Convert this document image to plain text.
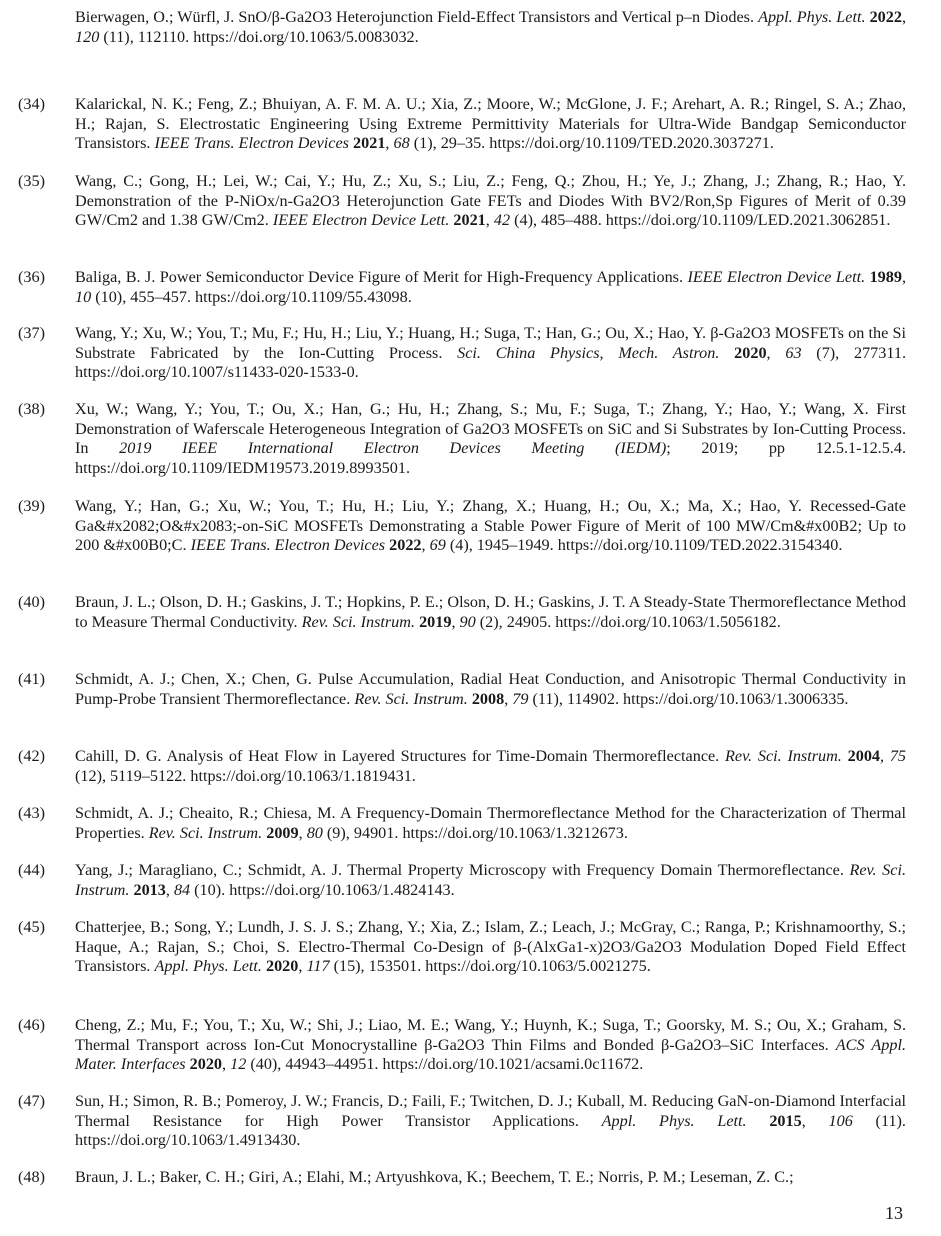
Bierwagen, O.; Würfl, J. SnO/β-Ga2O3 Heterojunction Field-Effect Transistors and Vertical p–n Diodes. Appl. Phys. Lett. 2022, 120 (11), 112110. https://doi.org/10.1063/5.0083032.
(34) Kalarickal, N. K.; Feng, Z.; Bhuiyan, A. F. M. A. U.; Xia, Z.; Moore, W.; McGlone, J. F.; Arehart, A. R.; Ringel, S. A.; Zhao, H.; Rajan, S. Electrostatic Engineering Using Extreme Permittivity Materials for Ultra-Wide Bandgap Semiconductor Transistors. IEEE Trans. Electron Devices 2021, 68 (1), 29–35. https://doi.org/10.1109/TED.2020.3037271.
(35) Wang, C.; Gong, H.; Lei, W.; Cai, Y.; Hu, Z.; Xu, S.; Liu, Z.; Feng, Q.; Zhou, H.; Ye, J.; Zhang, J.; Zhang, R.; Hao, Y. Demonstration of the P-NiOx/n-Ga2O3 Heterojunction Gate FETs and Diodes With BV2/Ron,Sp Figures of Merit of 0.39 GW/Cm2 and 1.38 GW/Cm2. IEEE Electron Device Lett. 2021, 42 (4), 485–488. https://doi.org/10.1109/LED.2021.3062851.
(36) Baliga, B. J. Power Semiconductor Device Figure of Merit for High-Frequency Applications. IEEE Electron Device Lett. 1989, 10 (10), 455–457. https://doi.org/10.1109/55.43098.
(37) Wang, Y.; Xu, W.; You, T.; Mu, F.; Hu, H.; Liu, Y.; Huang, H.; Suga, T.; Han, G.; Ou, X.; Hao, Y. β-Ga2O3 MOSFETs on the Si Substrate Fabricated by the Ion-Cutting Process. Sci. China Physics, Mech. Astron. 2020, 63 (7), 277311. https://doi.org/10.1007/s11433-020-1533-0.
(38) Xu, W.; Wang, Y.; You, T.; Ou, X.; Han, G.; Hu, H.; Zhang, S.; Mu, F.; Suga, T.; Zhang, Y.; Hao, Y.; Wang, X. First Demonstration of Waferscale Heterogeneous Integration of Ga2O3 MOSFETs on SiC and Si Substrates by Ion-Cutting Process. In 2019 IEEE International Electron Devices Meeting (IEDM); 2019; pp 12.5.1-12.5.4. https://doi.org/10.1109/IEDM19573.2019.8993501.
(39) Wang, Y.; Han, G.; Xu, W.; You, T.; Hu, H.; Liu, Y.; Zhang, X.; Huang, H.; Ou, X.; Ma, X.; Hao, Y. Recessed-Gate Ga&#x2082;O&#x2083;-on-SiC MOSFETs Demonstrating a Stable Power Figure of Merit of 100 MW/Cm&#x00B2; Up to 200 &#x00B0;C. IEEE Trans. Electron Devices 2022, 69 (4), 1945–1949. https://doi.org/10.1109/TED.2022.3154340.
(40) Braun, J. L.; Olson, D. H.; Gaskins, J. T.; Hopkins, P. E.; Olson, D. H.; Gaskins, J. T. A Steady-State Thermoreflectance Method to Measure Thermal Conductivity. Rev. Sci. Instrum. 2019, 90 (2), 24905. https://doi.org/10.1063/1.5056182.
(41) Schmidt, A. J.; Chen, X.; Chen, G. Pulse Accumulation, Radial Heat Conduction, and Anisotropic Thermal Conductivity in Pump-Probe Transient Thermoreflectance. Rev. Sci. Instrum. 2008, 79 (11), 114902. https://doi.org/10.1063/1.3006335.
(42) Cahill, D. G. Analysis of Heat Flow in Layered Structures for Time-Domain Thermoreflectance. Rev. Sci. Instrum. 2004, 75 (12), 5119–5122. https://doi.org/10.1063/1.1819431.
(43) Schmidt, A. J.; Cheaito, R.; Chiesa, M. A Frequency-Domain Thermoreflectance Method for the Characterization of Thermal Properties. Rev. Sci. Instrum. 2009, 80 (9), 94901. https://doi.org/10.1063/1.3212673.
(44) Yang, J.; Maragliano, C.; Schmidt, A. J. Thermal Property Microscopy with Frequency Domain Thermoreflectance. Rev. Sci. Instrum. 2013, 84 (10). https://doi.org/10.1063/1.4824143.
(45) Chatterjee, B.; Song, Y.; Lundh, J. S. J. S.; Zhang, Y.; Xia, Z.; Islam, Z.; Leach, J.; McGray, C.; Ranga, P.; Krishnamoorthy, S.; Haque, A.; Rajan, S.; Choi, S. Electro-Thermal Co-Design of β-(AlxGa1-x)2O3/Ga2O3 Modulation Doped Field Effect Transistors. Appl. Phys. Lett. 2020, 117 (15), 153501. https://doi.org/10.1063/5.0021275.
(46) Cheng, Z.; Mu, F.; You, T.; Xu, W.; Shi, J.; Liao, M. E.; Wang, Y.; Huynh, K.; Suga, T.; Goorsky, M. S.; Ou, X.; Graham, S. Thermal Transport across Ion-Cut Monocrystalline β-Ga2O3 Thin Films and Bonded β-Ga2O3–SiC Interfaces. ACS Appl. Mater. Interfaces 2020, 12 (40), 44943–44951. https://doi.org/10.1021/acsami.0c11672.
(47) Sun, H.; Simon, R. B.; Pomeroy, J. W.; Francis, D.; Faili, F.; Twitchen, D. J.; Kuball, M. Reducing GaN-on-Diamond Interfacial Thermal Resistance for High Power Transistor Applications. Appl. Phys. Lett. 2015, 106 (11). https://doi.org/10.1063/1.4913430.
(48) Braun, J. L.; Baker, C. H.; Giri, A.; Elahi, M.; Artyushkova, K.; Beechem, T. E.; Norris, P. M.; Leseman, Z. C.;
13
